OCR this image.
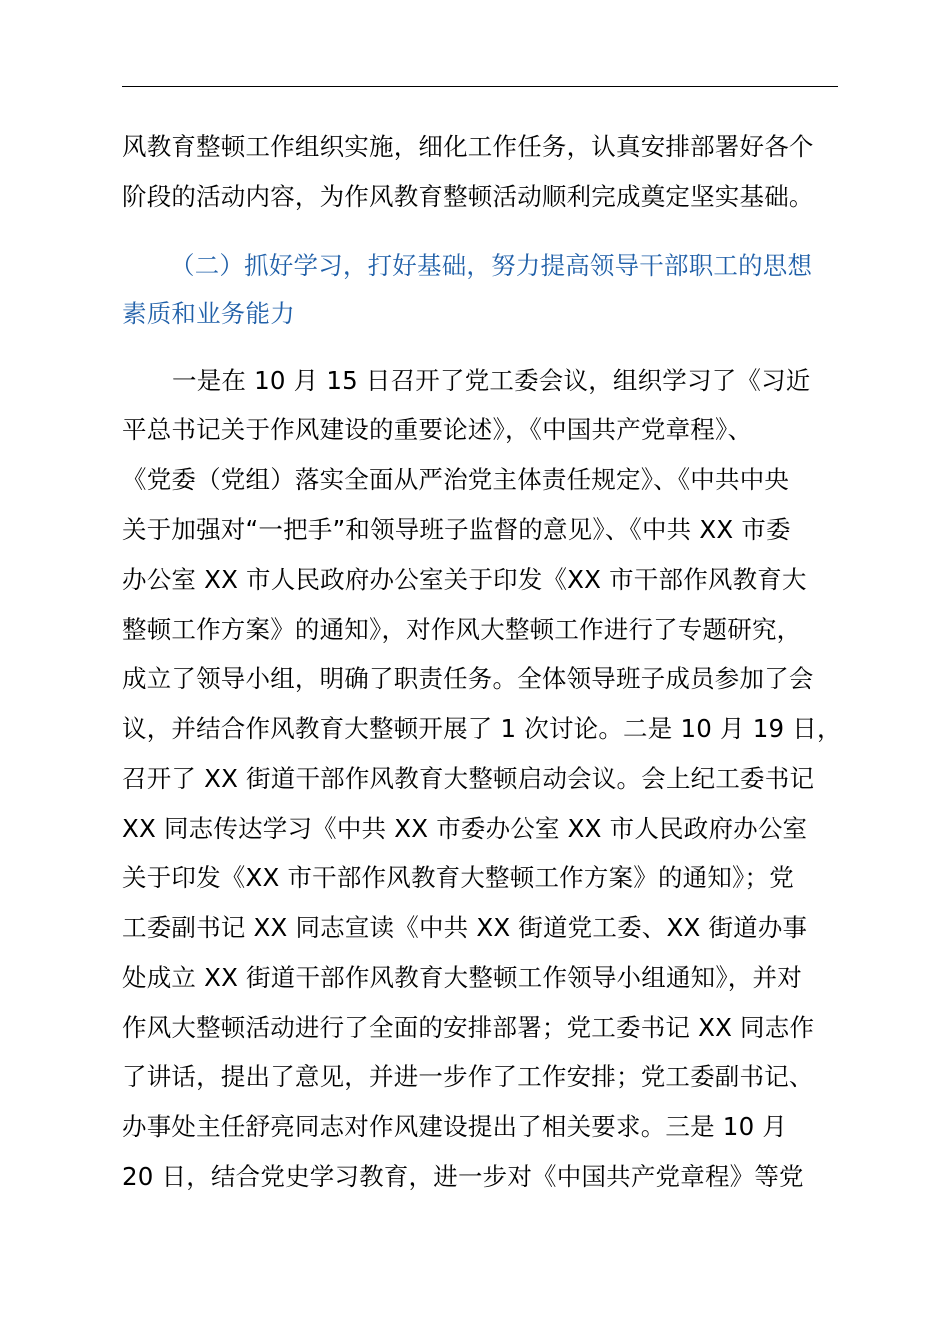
风教育整顿工作组织实施，细化工作任务，认真安排部署好各个
阶段的活动内容，为作风教育整顿活动顺利完成奠定坚实基础。
（二）抓好学习，打好基础，努力提高领导干部职工的思想
素质和业务能力
一是在 10 月 15 日召开了党工委会议，组织学习了《习近
平总书记关于作风建设的重要论述》，《中国共产党章程》、
《党委（党组）落实全面从严治党主体责任规定》、《中共中央
关于加强对“一把手”和领导班子监督的意见》、《中共 XX 市委
办公室 XX 市人民政府办公室关于印发《XX 市干部作风教育大
整顿工作方案》的通知》，对作风大整顿工作进行了专题研究，
成立了领导小组，明确了职责任务。全体领导班子成员参加了会
议，并结合作风教育大整顿开展了 1 次讨论。二是 10 月 19 日，
召开了 XX 街道干部作风教育大整顿启动会议。会上纪工委书记
XX 同志传达学习《中共 XX 市委办公室 XX 市人民政府办公室
关于印发《XX 市干部作风教育大整顿工作方案》的通知》；党
工委副书记 XX 同志宣读《中共 XX 街道党工委、XX 街道办事
处成立 XX 街道干部作风教育大整顿工作领导小组通知》，并对
作风大整顿活动进行了全面的安排部署；党工委书记 XX 同志作
了讲话，提出了意见，并进一步作了工作安排；党工委副书记、
办事处主任舒亮同志对作风建设提出了相关要求。三是 10 月
20 日，结合党史学习教育，进一步对《中国共产党章程》等党
